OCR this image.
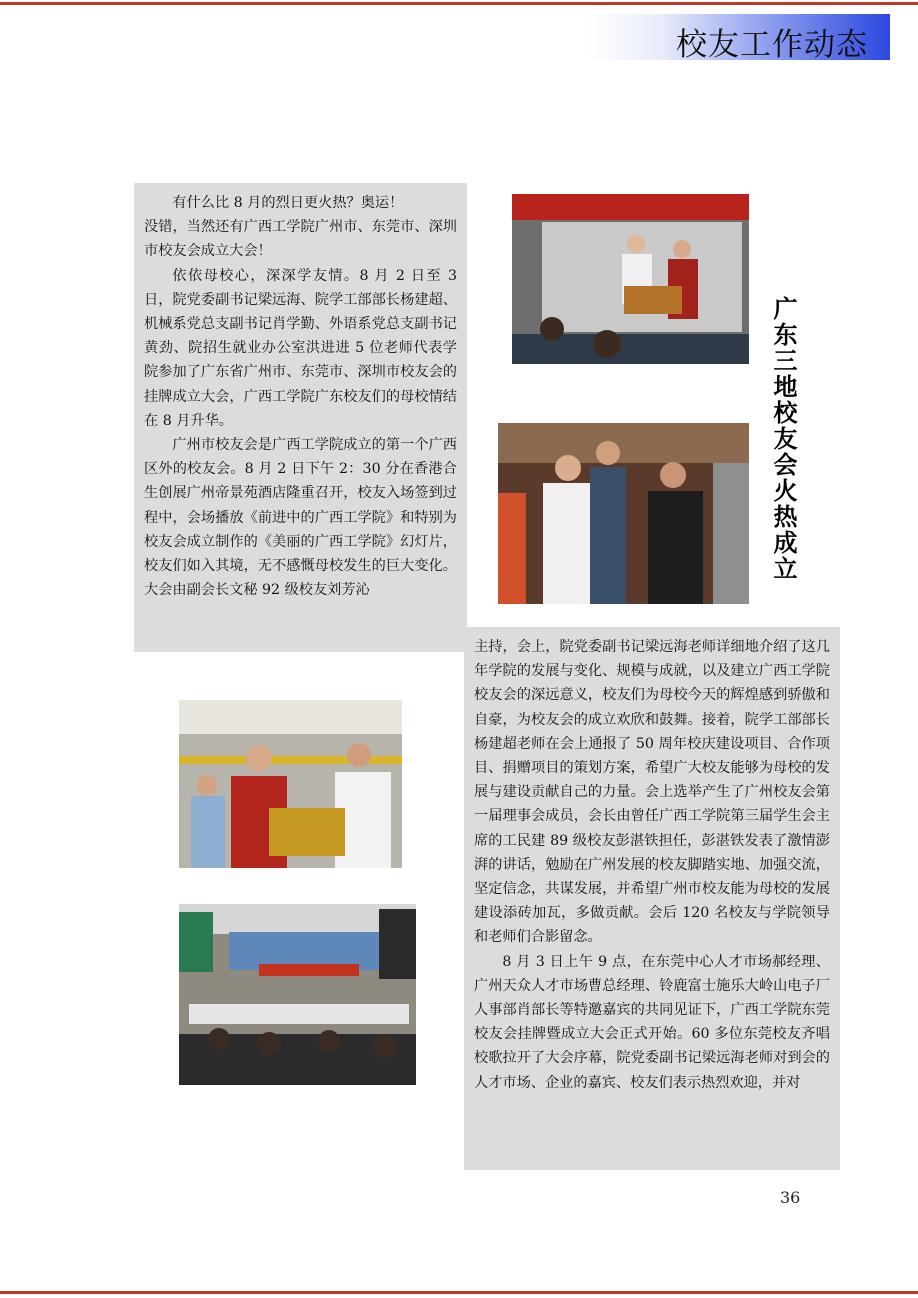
校友工作动态

有什么比 8 月的烈日更火热？奥运！

没错，当然还有广西工学院广州市、东莞市、深圳市校友会成立大会！

依依母校心，深深学友情。8 月 2 日至 3 日，院党委副书记梁远海、院学工部部长杨建超、机械系党总支副书记肖学勤、外语系党总支副书记黄劲、院招生就业办公室洪进进 5 位老师代表学院参加了广东省广州市、东莞市、深圳市校友会的挂牌成立大会，广西工学院广东校友们的母校情结在 8 月升华。

广州市校友会是广西工学院成立的第一个广西区外的校友会。8 月 2 日下午 2：30 分在香港合生创展广州帝景苑酒店隆重召开，校友入场签到过程中，会场播放《前进中的广西工学院》和特别为校友会成立制作的《美丽的广西工学院》幻灯片，校友们如入其境，无不感慨母校发生的巨大变化。大会由副会长文秘 92 级校友刘芳沁

广东三地校友会火热成立

主持，会上，院党委副书记梁远海老师详细地介绍了这几年学院的发展与变化、规模与成就，以及建立广西工学院校友会的深远意义，校友们为母校今天的辉煌感到骄傲和自豪，为校友会的成立欢欣和鼓舞。接着，院学工部部长杨建超老师在会上通报了 50 周年校庆建设项目、合作项目、捐赠项目的策划方案，希望广大校友能够为母校的发展与建设贡献自己的力量。会上选举产生了广州校友会第一届理事会成员，会长由曾任广西工学院第三届学生会主席的工民建 89 级校友彭湛铁担任，彭湛铁发表了激情澎湃的讲话，勉励在广州发展的校友脚踏实地、加强交流，坚定信念，共谋发展，并希望广州市校友能为母校的发展建设添砖加瓦，多做贡献。会后 120 名校友与学院领导和老师们合影留念。

8 月 3 日上午 9 点，在东莞中心人才市场郝经理、广州天众人才市场曹总经理、铃鹿富士施乐大岭山电子厂人事部肖部长等特邀嘉宾的共同见证下，广西工学院东莞校友会挂牌暨成立大会正式开始。60 多位东莞校友齐唱校歌拉开了大会序幕，院党委副书记梁远海老师对到会的人才市场、企业的嘉宾、校友们表示热烈欢迎，并对

36
